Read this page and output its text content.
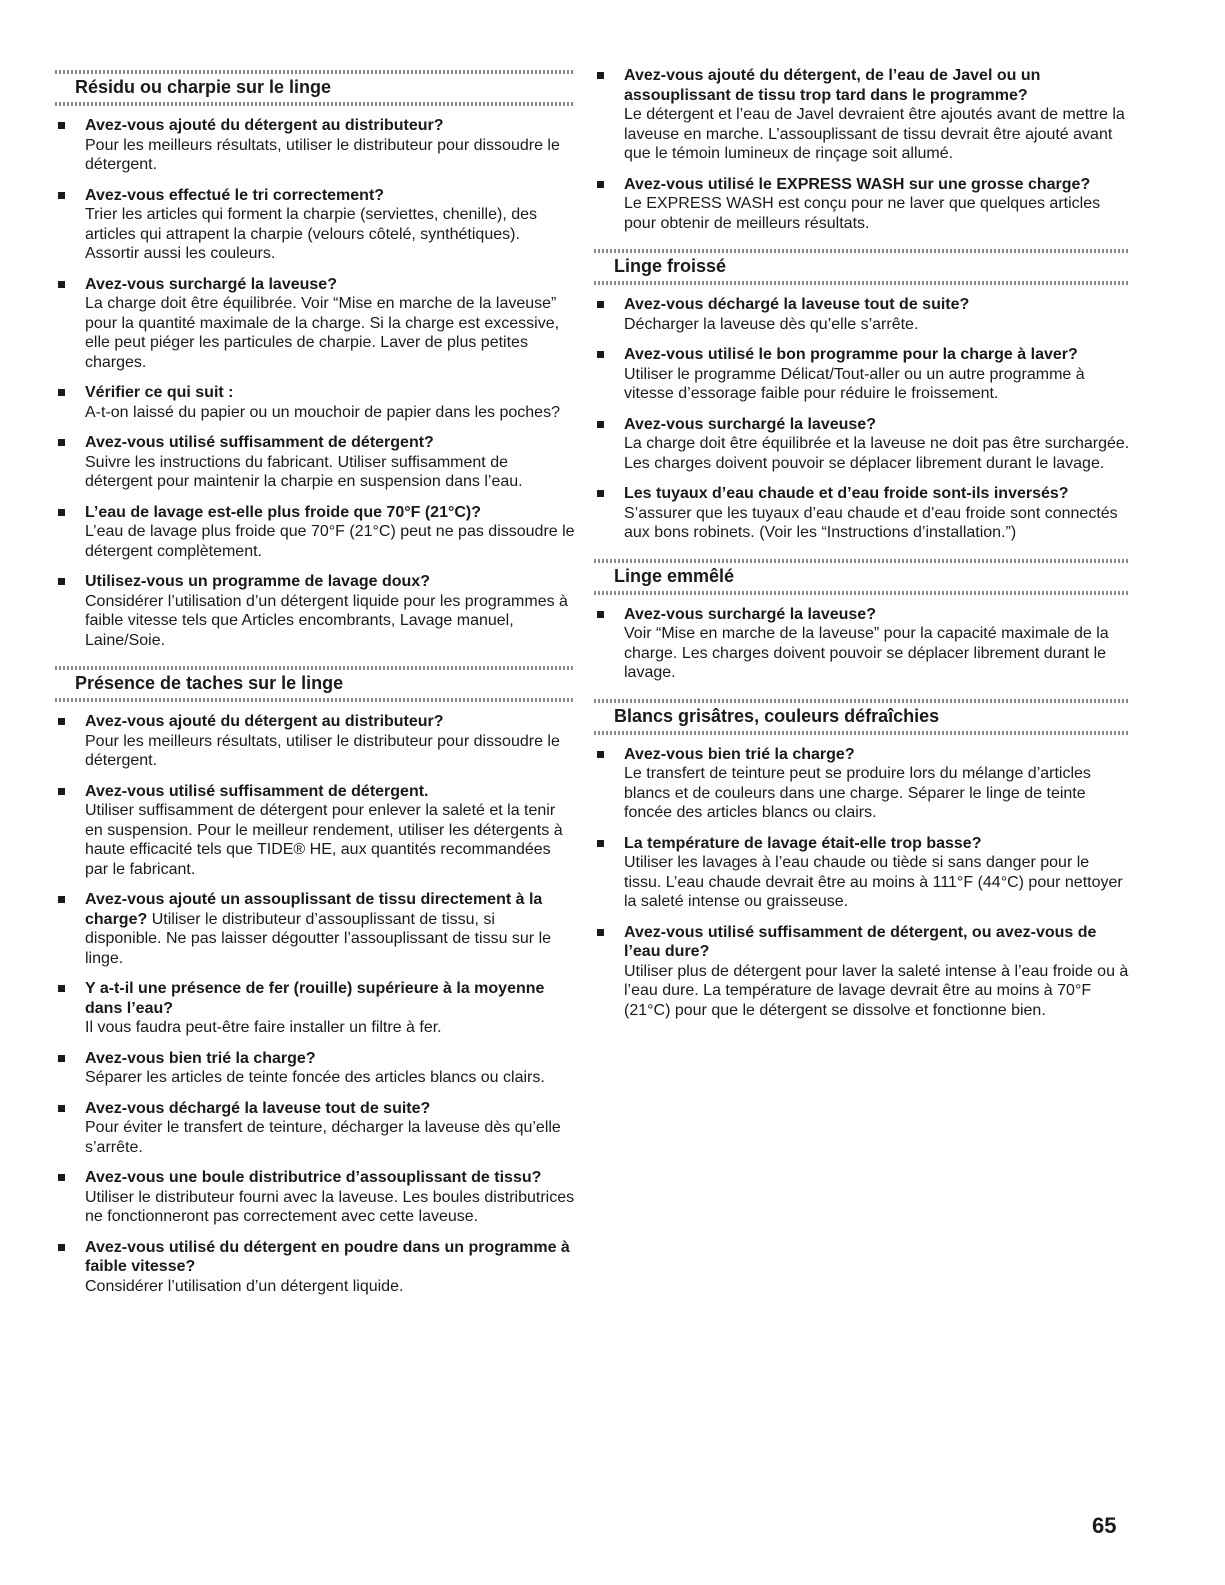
Résidu ou charpie sur le linge
Avez-vous ajouté du détergent au distributeur?
Pour les meilleurs résultats, utiliser le distributeur pour dissoudre le détergent.
Avez-vous effectué le tri correctement?
Trier les articles qui forment la charpie (serviettes, chenille), des articles qui attrapent la charpie (velours côtelé, synthétiques). Assortir aussi les couleurs.
Avez-vous surchargé la laveuse?
La charge doit être équilibrée. Voir “Mise en marche de la laveuse” pour la quantité maximale de la charge. Si la charge est excessive, elle peut piéger les particules de charpie. Laver de plus petites charges.
Vérifier ce qui suit :
A-t-on laissé du papier ou un mouchoir de papier dans les poches?
Avez-vous utilisé suffisamment de détergent?
Suivre les instructions du fabricant. Utiliser suffisamment de détergent pour maintenir la charpie en suspension dans l’eau.
L’eau de lavage est-elle plus froide que 70°F (21°C)?
L’eau de lavage plus froide que 70°F (21°C) peut ne pas dissoudre le détergent complètement.
Utilisez-vous un programme de lavage doux?
Considérer l’utilisation d’un détergent liquide pour les programmes à faible vitesse tels que Articles encombrants, Lavage manuel, Laine/Soie.
Présence de taches sur le linge
Avez-vous ajouté du détergent au distributeur?
Pour les meilleurs résultats, utiliser le distributeur pour dissoudre le détergent.
Avez-vous utilisé suffisamment de détergent.
Utiliser suffisamment de détergent pour enlever la saleté et la tenir en suspension. Pour le meilleur rendement, utiliser les détergents à haute efficacité tels que TIDE® HE, aux quantités recommandées par le fabricant.
Avez-vous ajouté un assouplissant de tissu directement à la charge? Utiliser le distributeur d’assouplissant de tissu, si disponible. Ne pas laisser dégoutter l’assouplissant de tissu sur le linge.
Y a-t-il une présence de fer (rouille) supérieure à la moyenne dans l’eau?
Il vous faudra peut-être faire installer un filtre à fer.
Avez-vous bien trié la charge?
Séparer les articles de teinte foncée des articles blancs ou clairs.
Avez-vous déchargé la laveuse tout de suite?
Pour éviter le transfert de teinture, décharger la laveuse dès qu’elle s’arrête.
Avez-vous une boule distributrice d’assouplissant de tissu?
Utiliser le distributeur fourni avec la laveuse. Les boules distributrices ne fonctionneront pas correctement avec cette laveuse.
Avez-vous utilisé du détergent en poudre dans un programme à faible vitesse?
Considérer l’utilisation d’un détergent liquide.
Avez-vous ajouté du détergent, de l’eau de Javel ou un assouplissant de tissu trop tard dans le programme?
Le détergent et l’eau de Javel devraient être ajoutés avant de mettre la laveuse en marche. L’assouplissant de tissu devrait être ajouté avant que le témoin lumineux de rinçage soit allumé.
Avez-vous utilisé le EXPRESS WASH sur une grosse charge?
Le EXPRESS WASH est conçu pour ne laver que quelques articles pour obtenir de meilleurs résultats.
Linge froissé
Avez-vous déchargé la laveuse tout de suite?
Décharger la laveuse dès qu’elle s’arrête.
Avez-vous utilisé le bon programme pour la charge à laver?
Utiliser le programme Délicat/Tout-aller ou un autre programme à vitesse d’essorage faible pour réduire le froissement.
Avez-vous surchargé la laveuse?
La charge doit être équilibrée et la laveuse ne doit pas être surchargée. Les charges doivent pouvoir se déplacer librement durant le lavage.
Les tuyaux d’eau chaude et d’eau froide sont-ils inversés?
S’assurer que les tuyaux d’eau chaude et d’eau froide sont connectés aux bons robinets. (Voir les “Instructions d’installation.”)
Linge emmêlé
Avez-vous surchargé la laveuse?
Voir “Mise en marche de la laveuse” pour la capacité maximale de la charge. Les charges doivent pouvoir se déplacer librement durant le lavage.
Blancs grisâtres, couleurs défraîchies
Avez-vous bien trié la charge?
Le transfert de teinture peut se produire lors du mélange d’articles blancs et de couleurs dans une charge. Séparer le linge de teinte foncée des articles blancs ou clairs.
La température de lavage était-elle trop basse?
Utiliser les lavages à l’eau chaude ou tiède si sans danger pour le tissu. L’eau chaude devrait être au moins à 111°F (44°C) pour nettoyer la saleté intense ou graisseuse.
Avez-vous utilisé suffisamment de détergent, ou avez-vous de l’eau dure?
Utiliser plus de détergent pour laver la saleté intense à l’eau froide ou à l’eau dure. La température de lavage devrait être au moins à 70°F (21°C) pour que le détergent se dissolve et fonctionne bien.
65
